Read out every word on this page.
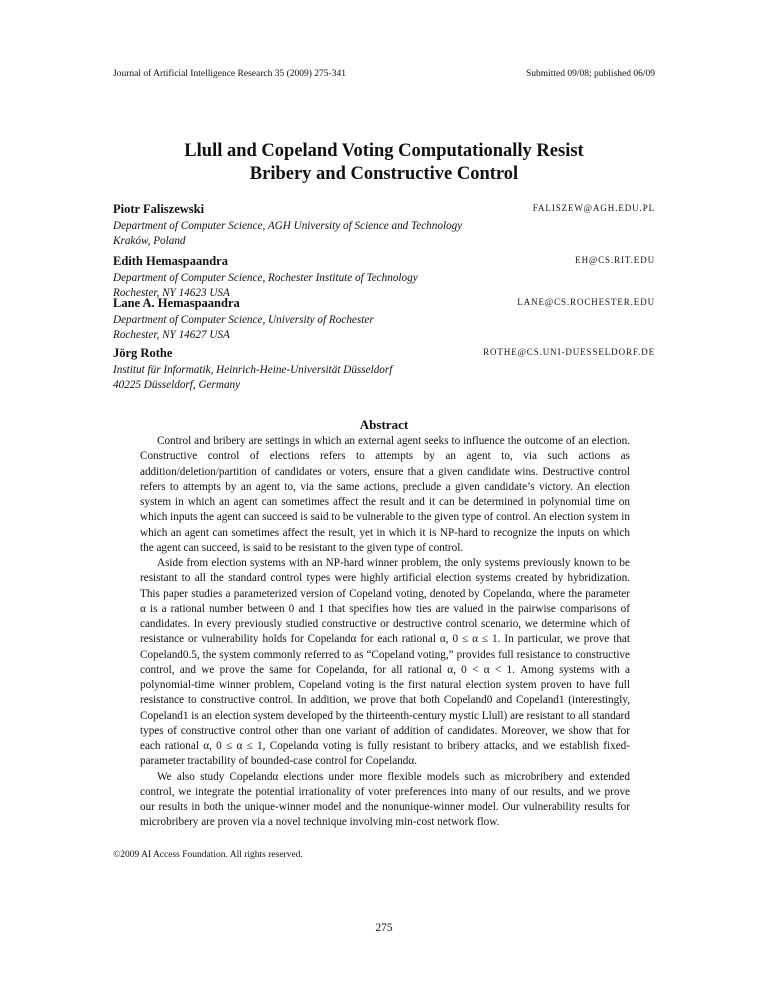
Journal of Artificial Intelligence Research 35 (2009) 275-341	Submitted 09/08; published 06/09
Llull and Copeland Voting Computationally Resist
Bribery and Constructive Control
Piotr Faliszewski	FALISZEW@AGH.EDU.PL
Department of Computer Science, AGH University of Science and Technology
Kraków, Poland
Edith Hemaspaandra	EH@CS.RIT.EDU
Department of Computer Science, Rochester Institute of Technology
Rochester, NY 14623 USA
Lane A. Hemaspaandra	LANE@CS.ROCHESTER.EDU
Department of Computer Science, University of Rochester
Rochester, NY 14627 USA
Jörg Rothe	ROTHE@CS.UNI-DUESSELDORF.DE
Institut für Informatik, Heinrich-Heine-Universität Düsseldorf
40225 Düsseldorf, Germany
Abstract

Control and bribery are settings in which an external agent seeks to influence the outcome of an election. Constructive control of elections refers to attempts by an agent to, via such actions as addition/deletion/partition of candidates or voters, ensure that a given candidate wins. Destructive control refers to attempts by an agent to, via the same actions, preclude a given candidate’s victory. An election system in which an agent can sometimes affect the result and it can be determined in polynomial time on which inputs the agent can succeed is said to be vulnerable to the given type of control. An election system in which an agent can sometimes affect the result, yet in which it is NP-hard to recognize the inputs on which the agent can succeed, is said to be resistant to the given type of control.

Aside from election systems with an NP-hard winner problem, the only systems previously known to be resistant to all the standard control types were highly artificial election systems created by hybridization. This paper studies a parameterized version of Copeland voting, denoted by Copelandα, where the parameter α is a rational number between 0 and 1 that specifies how ties are valued in the pairwise comparisons of candidates. In every previously studied constructive or destructive control scenario, we determine which of resistance or vulnerability holds for Copelandα for each rational α, 0 ≤ α ≤ 1. In particular, we prove that Copeland0.5, the system commonly referred to as “Copeland voting,” provides full resistance to constructive control, and we prove the same for Copelandα, for all rational α, 0 < α < 1. Among systems with a polynomial-time winner problem, Copeland voting is the first natural election system proven to have full resistance to constructive control. In addition, we prove that both Copeland0 and Copeland1 (interestingly, Copeland1 is an election system developed by the thirteenth-century mystic Llull) are resistant to all standard types of constructive control other than one variant of addition of candidates. Moreover, we show that for each rational α, 0 ≤ α ≤ 1, Copelandα voting is fully resistant to bribery attacks, and we establish fixed-parameter tractability of bounded-case control for Copelandα.

We also study Copelandα elections under more flexible models such as microbribery and extended control, we integrate the potential irrationality of voter preferences into many of our results, and we prove our results in both the unique-winner model and the nonunique-winner model. Our vulnerability results for microbribery are proven via a novel technique involving min-cost network flow.

©2009 AI Access Foundation. All rights reserved.
275
